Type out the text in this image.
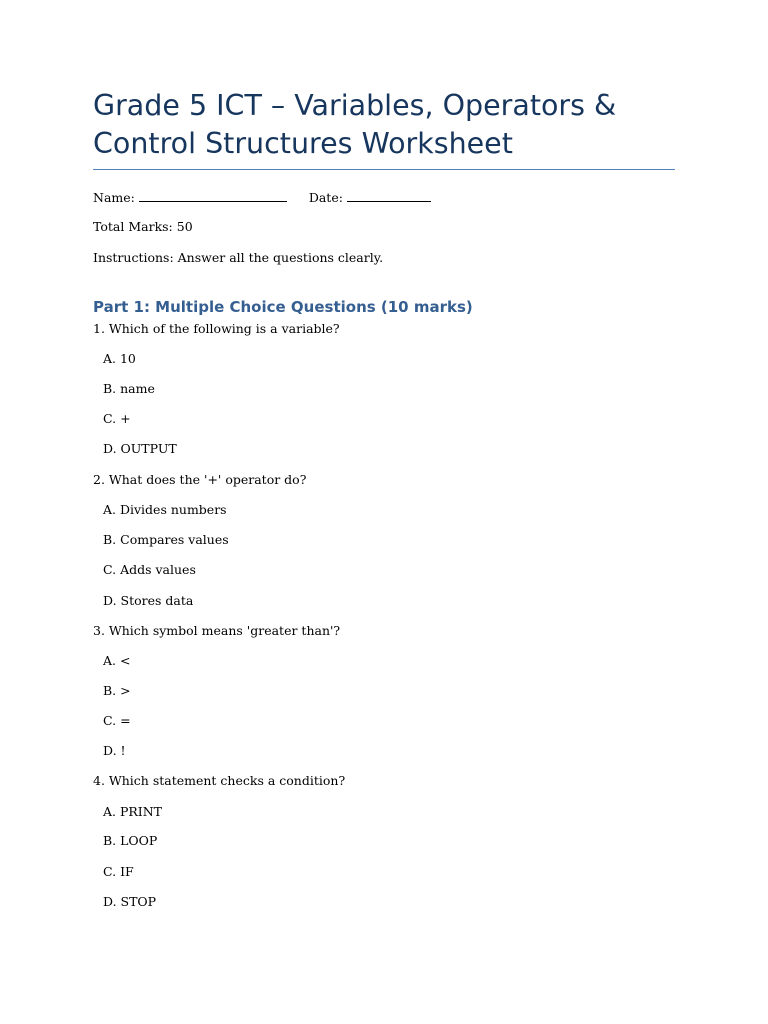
Grade 5 ICT – Variables, Operators & Control Structures Worksheet
Name:	Date:
Total Marks: 50
Instructions: Answer all the questions clearly.
Part 1: Multiple Choice Questions (10 marks)
1. Which of the following is a variable?
A. 10
B. name
C. +
D. OUTPUT
2. What does the '+' operator do?
A. Divides numbers
B. Compares values
C. Adds values
D. Stores data
3. Which symbol means 'greater than'?
A. <
B. >
C. =
D. !
4. Which statement checks a condition?
A. PRINT
B. LOOP
C. IF
D. STOP
